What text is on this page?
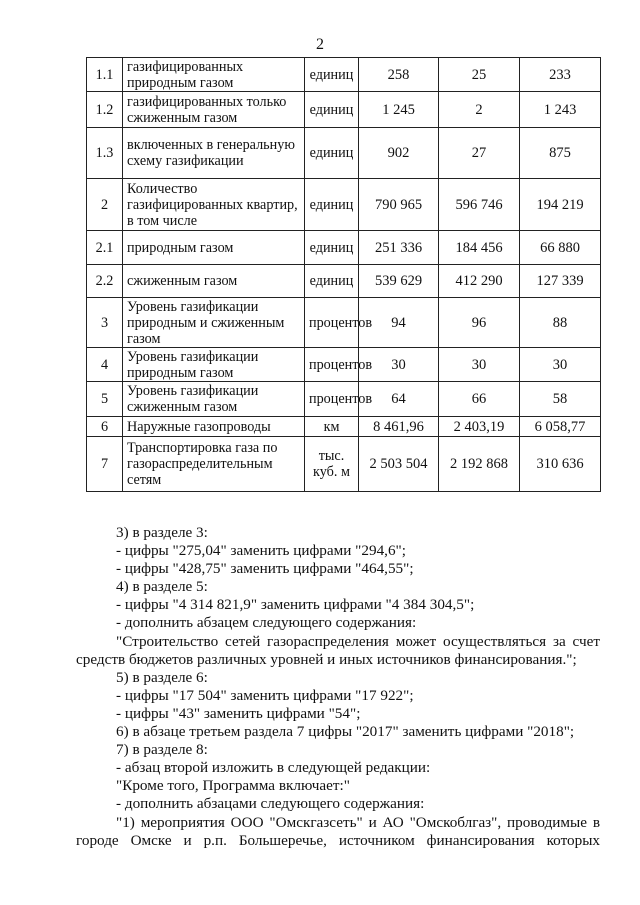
2
1.1	газифицированных природным газом	единиц	258	25	233
1.2	газифицированных только сжиженным газом	единиц	1 245	2	1 243
1.3	включенных в генеральную схему газификации	единиц	902	27	875
2	Количество газифицированных квартир, в том числе	единиц	790 965	596 746	194 219
2.1	природным газом	единиц	251 336	184 456	66 880
2.2	сжиженным газом	единиц	539 629	412 290	127 339
3	Уровень газификации природным и сжиженным газом	процентов	94	96	88
4	Уровень газификации природным газом	процентов	30	30	30
5	Уровень газификации сжиженным газом	процентов	64	66	58
6	Наружные газопроводы	км	8 461,96	2 403,19	6 058,77
7	Транспортировка газа по газораспределительным сетям	тыс. куб. м	2 503 504	2 192 868	310 636

3) в разделе 3:

- цифры "275,04" заменить цифрами "294,6";

- цифры "428,75" заменить цифрами "464,55";

4) в разделе 5:

- цифры "4 314 821,9" заменить цифрами "4 384 304,5";

- дополнить абзацем следующего содержания:

"Строительство сетей газораспределения может осуществляться за счет

средств бюджетов различных уровней и иных источников финансирования.";

5) в разделе 6:

- цифры "17 504" заменить цифрами "17 922";

- цифры "43" заменить цифрами "54";

6) в абзаце третьем раздела 7 цифры "2017" заменить цифрами "2018";

7) в разделе 8:

- абзац второй изложить в следующей редакции:

"Кроме того, Программа включает:"

- дополнить абзацами следующего содержания:

"1) мероприятия ООО "Омскгазсеть" и АО "Омскоблгаз", проводимые в

городе Омске и р.п. Большеречье, источником финансирования которых
